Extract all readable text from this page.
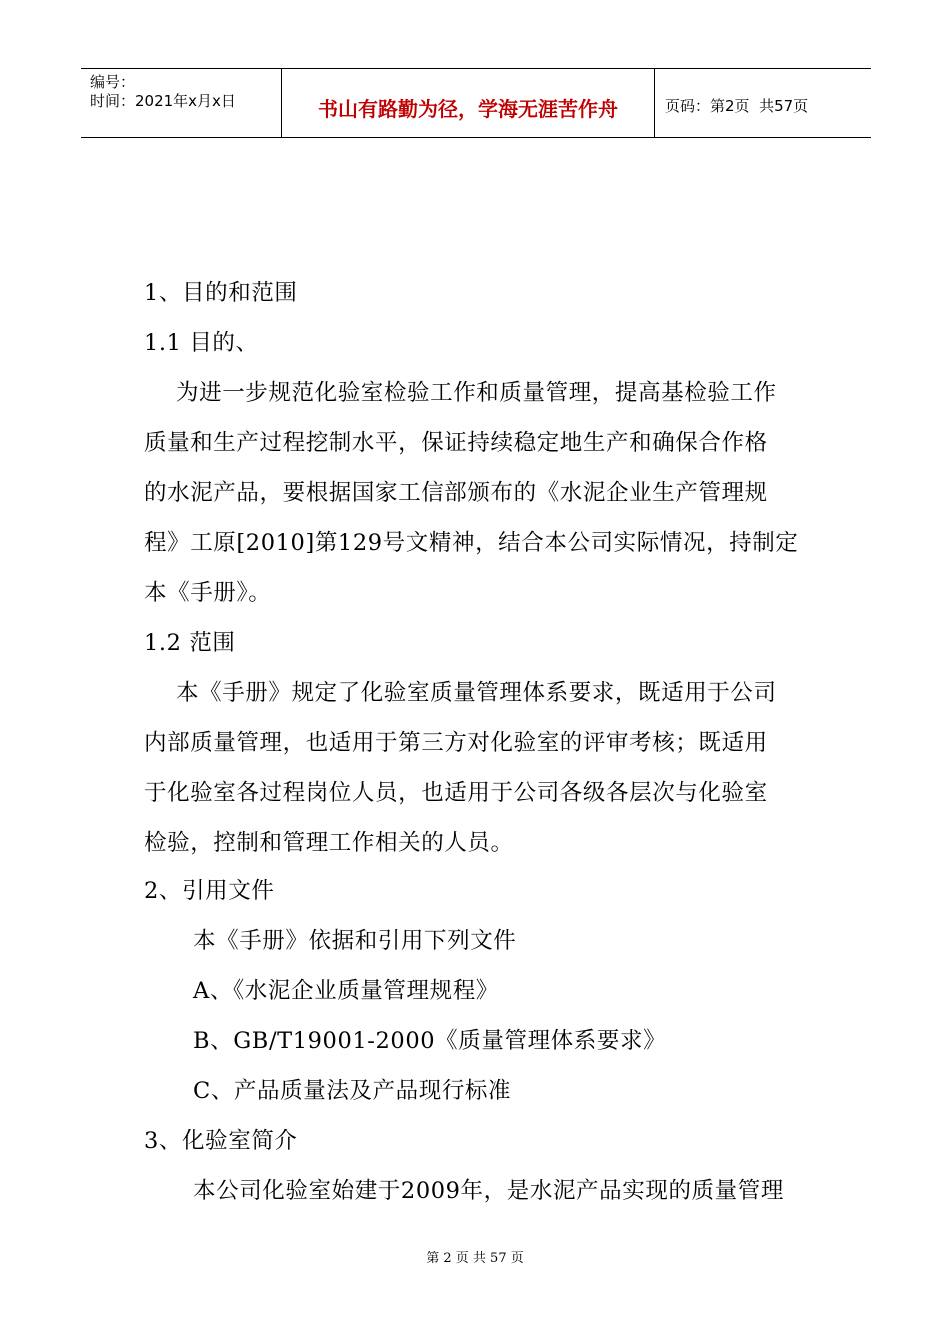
编号：
时间：2021年x月x日	书山有路勤为径，学海无涯苦作舟	页码：第2页  共57页
1、目的和范围
1.1 目的、
为进一步规范化验室检验工作和质量管理，提高基检验工作
质量和生产过程挖制水平，保证持续稳定地生产和确保合作格
的水泥产品，要根据国家工信部颁布的《水泥企业生产管理规
程》工原[2010]第129号文精神，结合本公司实际情况，持制定
本《手册》。
1.2 范围
本《手册》规定了化验室质量管理体系要求，既适用于公司
内部质量管理，也适用于第三方对化验室的评审考核；既适用
于化验室各过程岗位人员，也适用于公司各级各层次与化验室
检验，控制和管理工作相关的人员。
2、引用文件
本《手册》依据和引用下列文件
A、《水泥企业质量管理规程》
B、GB/T19001-2000《质量管理体系要求》
C、产品质量法及产品现行标准
3、化验室简介
本公司化验室始建于2009年，是水泥产品实现的质量管理
第 2 页 共 57 页
